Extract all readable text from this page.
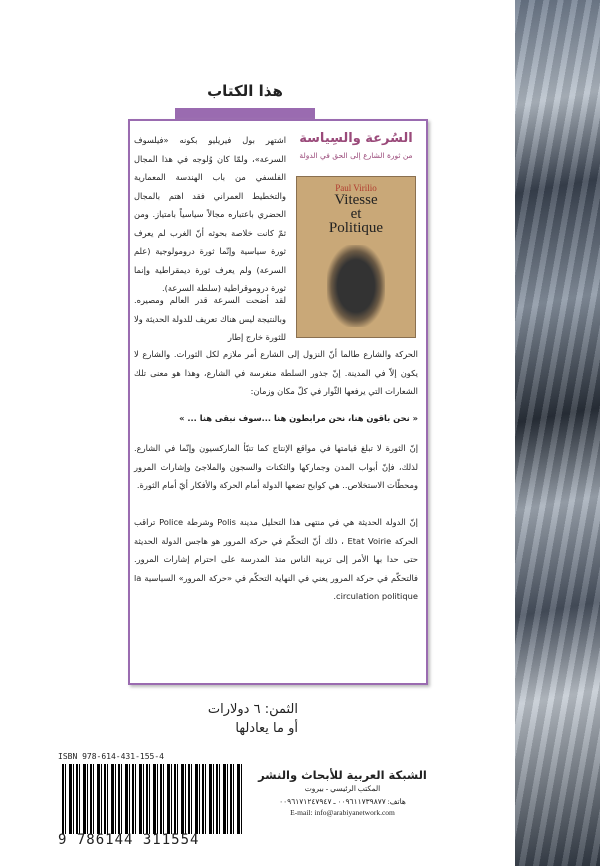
هذا الكتاب
السُرعة والسِياسة
من ثورة الشارع إلى الحق في الدولة
Paul Virilio
Vitesse
et
Politique
اشتهر بول فيريليو بكونه «فيلسوف السرعة»، ولمّا كان وُلوجه في هذا المجال الفلسفي من باب الهندسة المعمارية والتخطيط العمراني فقد اهتم بالمجال الحضري باعتباره مجالاً سياسياً بامتياز. ومن ثمّ كانت خلاصة بحوثه أنّ الغرب لم يعرف ثورة سياسية وإنّما ثورة درومولوجية (علم السرعة) ولم يعرف ثورة ديمقراطية وإنما ثورة دروموقراطية (سلطة السرعة).
لقد أضحت السرعة قدر العالم ومصيره. وبالنتيجة ليس هناك تعريف للدولة الحديثة ولا للثورة خارج إطار
الحركة والشارع طالما أنّ النزول إلى الشارع أمر ملازم لكل الثورات. والشارع لا يكون إلاّ في المدينة. إنّ جذور السلطة منغرسة في الشارع، وهذا هو معنى تلك الشعارات التي يرفعها الثّوار في كلّ مكان وزمان:
« نحن باقون هنا، نحن مرابطون هنا ...سوف نبقى هنا ... »
إنّ الثورة لا تبلغ قيامتها في مواقع الإنتاج كما تنبّأ الماركسيون وإنّما في الشارع. لذلك، فإنّ أبواب المدن وجماركها والثكنات والسجون والملاجئ وإشارات المرور ومحطّات الاستخلاص.. هي كوابح تضعها الدولة أمام الحركة والأفكار أيّ أمام الثورة.
إنّ الدولة الحديثة هي في منتهى هذا التحليل مدينة Polis وشرطة Police تراقب الحركة Etat Voirie ، ذلك أنّ التحكّم في حركة المرور هو هاجس الدولة الحديثة حتى حدا بها الأمر إلى تربية الناس منذ المدرسة على احترام إشارات المرور. فالتحكّم في حركة المرور يعني في النهاية التحكّم في «حركة المرور» السياسية la circulation politique.
الثمن: ٦ دولارات
أو ما يعادلها
ISBN 978-614-431-155-4
9 786144 311554
الشبكة العربية للأبحاث والنشر
المكتب الرئيسي - بيروت
هاتف: ٠٠٩٦١١٧٣٩٨٧٧ ـ ٠٠٩٦١٧١٢٤٧٩٤٧
E-mail: info@arabiyanetwork.com
